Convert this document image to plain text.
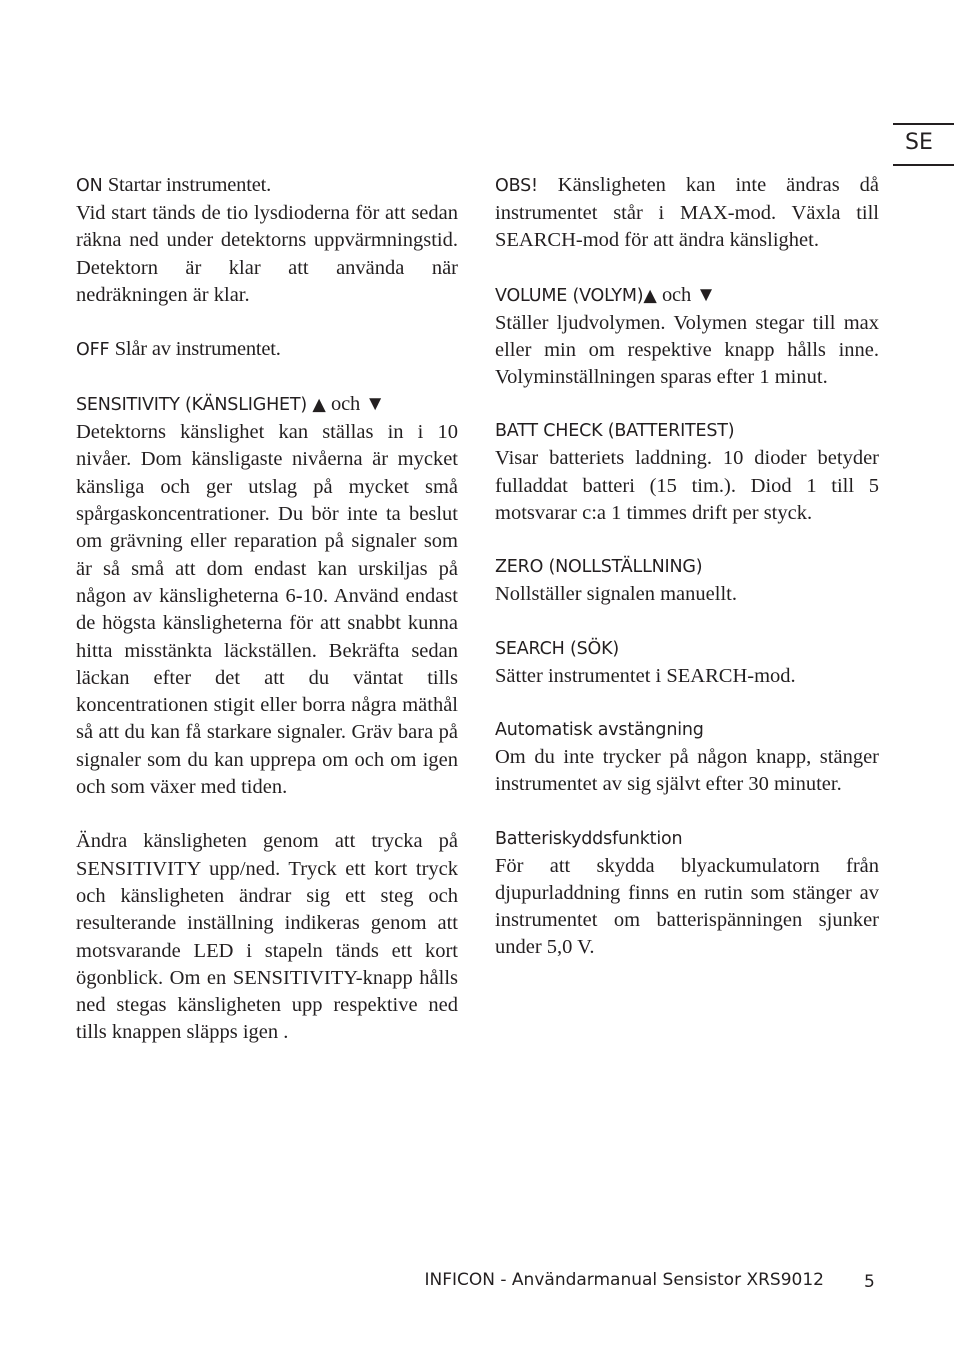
SE
ON Startar instrumentet.
Vid start tänds de tio lysdioderna för att sedan räkna ned under detektorns uppvärmningstid. Detektorn är klar att använda när nedräkningen är klar.
OFF Slår av instrumentet.
SENSITIVITY (KÄNSLIGHET) ▲ och ▼
Detektorns känslighet kan ställas in i 10 nivåer. Dom känsligaste nivåerna är mycket känsliga och ger utslag på mycket små spårgaskoncentrationer. Du bör inte ta beslut om grävning eller reparation på signaler som är så små att dom endast kan urskiljas på någon av känsligheterna 6-10. Använd endast de högsta känsligheterna för att snabbt kunna hitta misstänkta läckställen. Bekräfta sedan läckan efter det att du väntat tills koncentrationen stigit eller borra några mäthål så att du kan få starkare signaler. Gräv bara på signaler som du kan upprepa om och om igen och som växer med tiden.
Ändra känsligheten genom att trycka på SENSITIVITY upp/ned. Tryck ett kort tryck och känsligheten ändrar sig ett steg och resulterande inställning indikeras genom att motsvarande LED i stapeln tänds ett kort ögonblick. Om en SENSITIVITY-knapp hålls ned stegas känsligheten upp respektive ned tills knappen släpps igen .
OBS! Känsligheten kan inte ändras då instrumentet står i MAX-mod. Växla till SEARCH-mod för att ändra känslighet.
VOLUME (VOLYM)▲ och ▼
Ställer ljudvolymen. Volymen stegar till max eller min om respektive knapp hålls inne. Volyminställningen sparas efter 1 minut.
BATT CHECK (BATTERITEST)
Visar batteriets laddning. 10 dioder betyder fulladdat batteri (15 tim.). Diod 1 till 5 motsvarar c:a 1 timmes drift per styck.
ZERO (NOLLSTÄLLNING)
Nollställer signalen manuellt.
SEARCH (SÖK)
Sätter instrumentet i SEARCH-mod.
Automatisk avstängning
Om du inte trycker på någon knapp, stänger instrumentet av sig självt efter 30 minuter.
Batteriskyddsfunktion
För att skydda blyackumulatorn från djupurladdning finns en rutin som stänger av instrumentet om batterispänningen sjunker under 5,0 V.
INFICON - Användarmanual Sensistor XRS9012 5
